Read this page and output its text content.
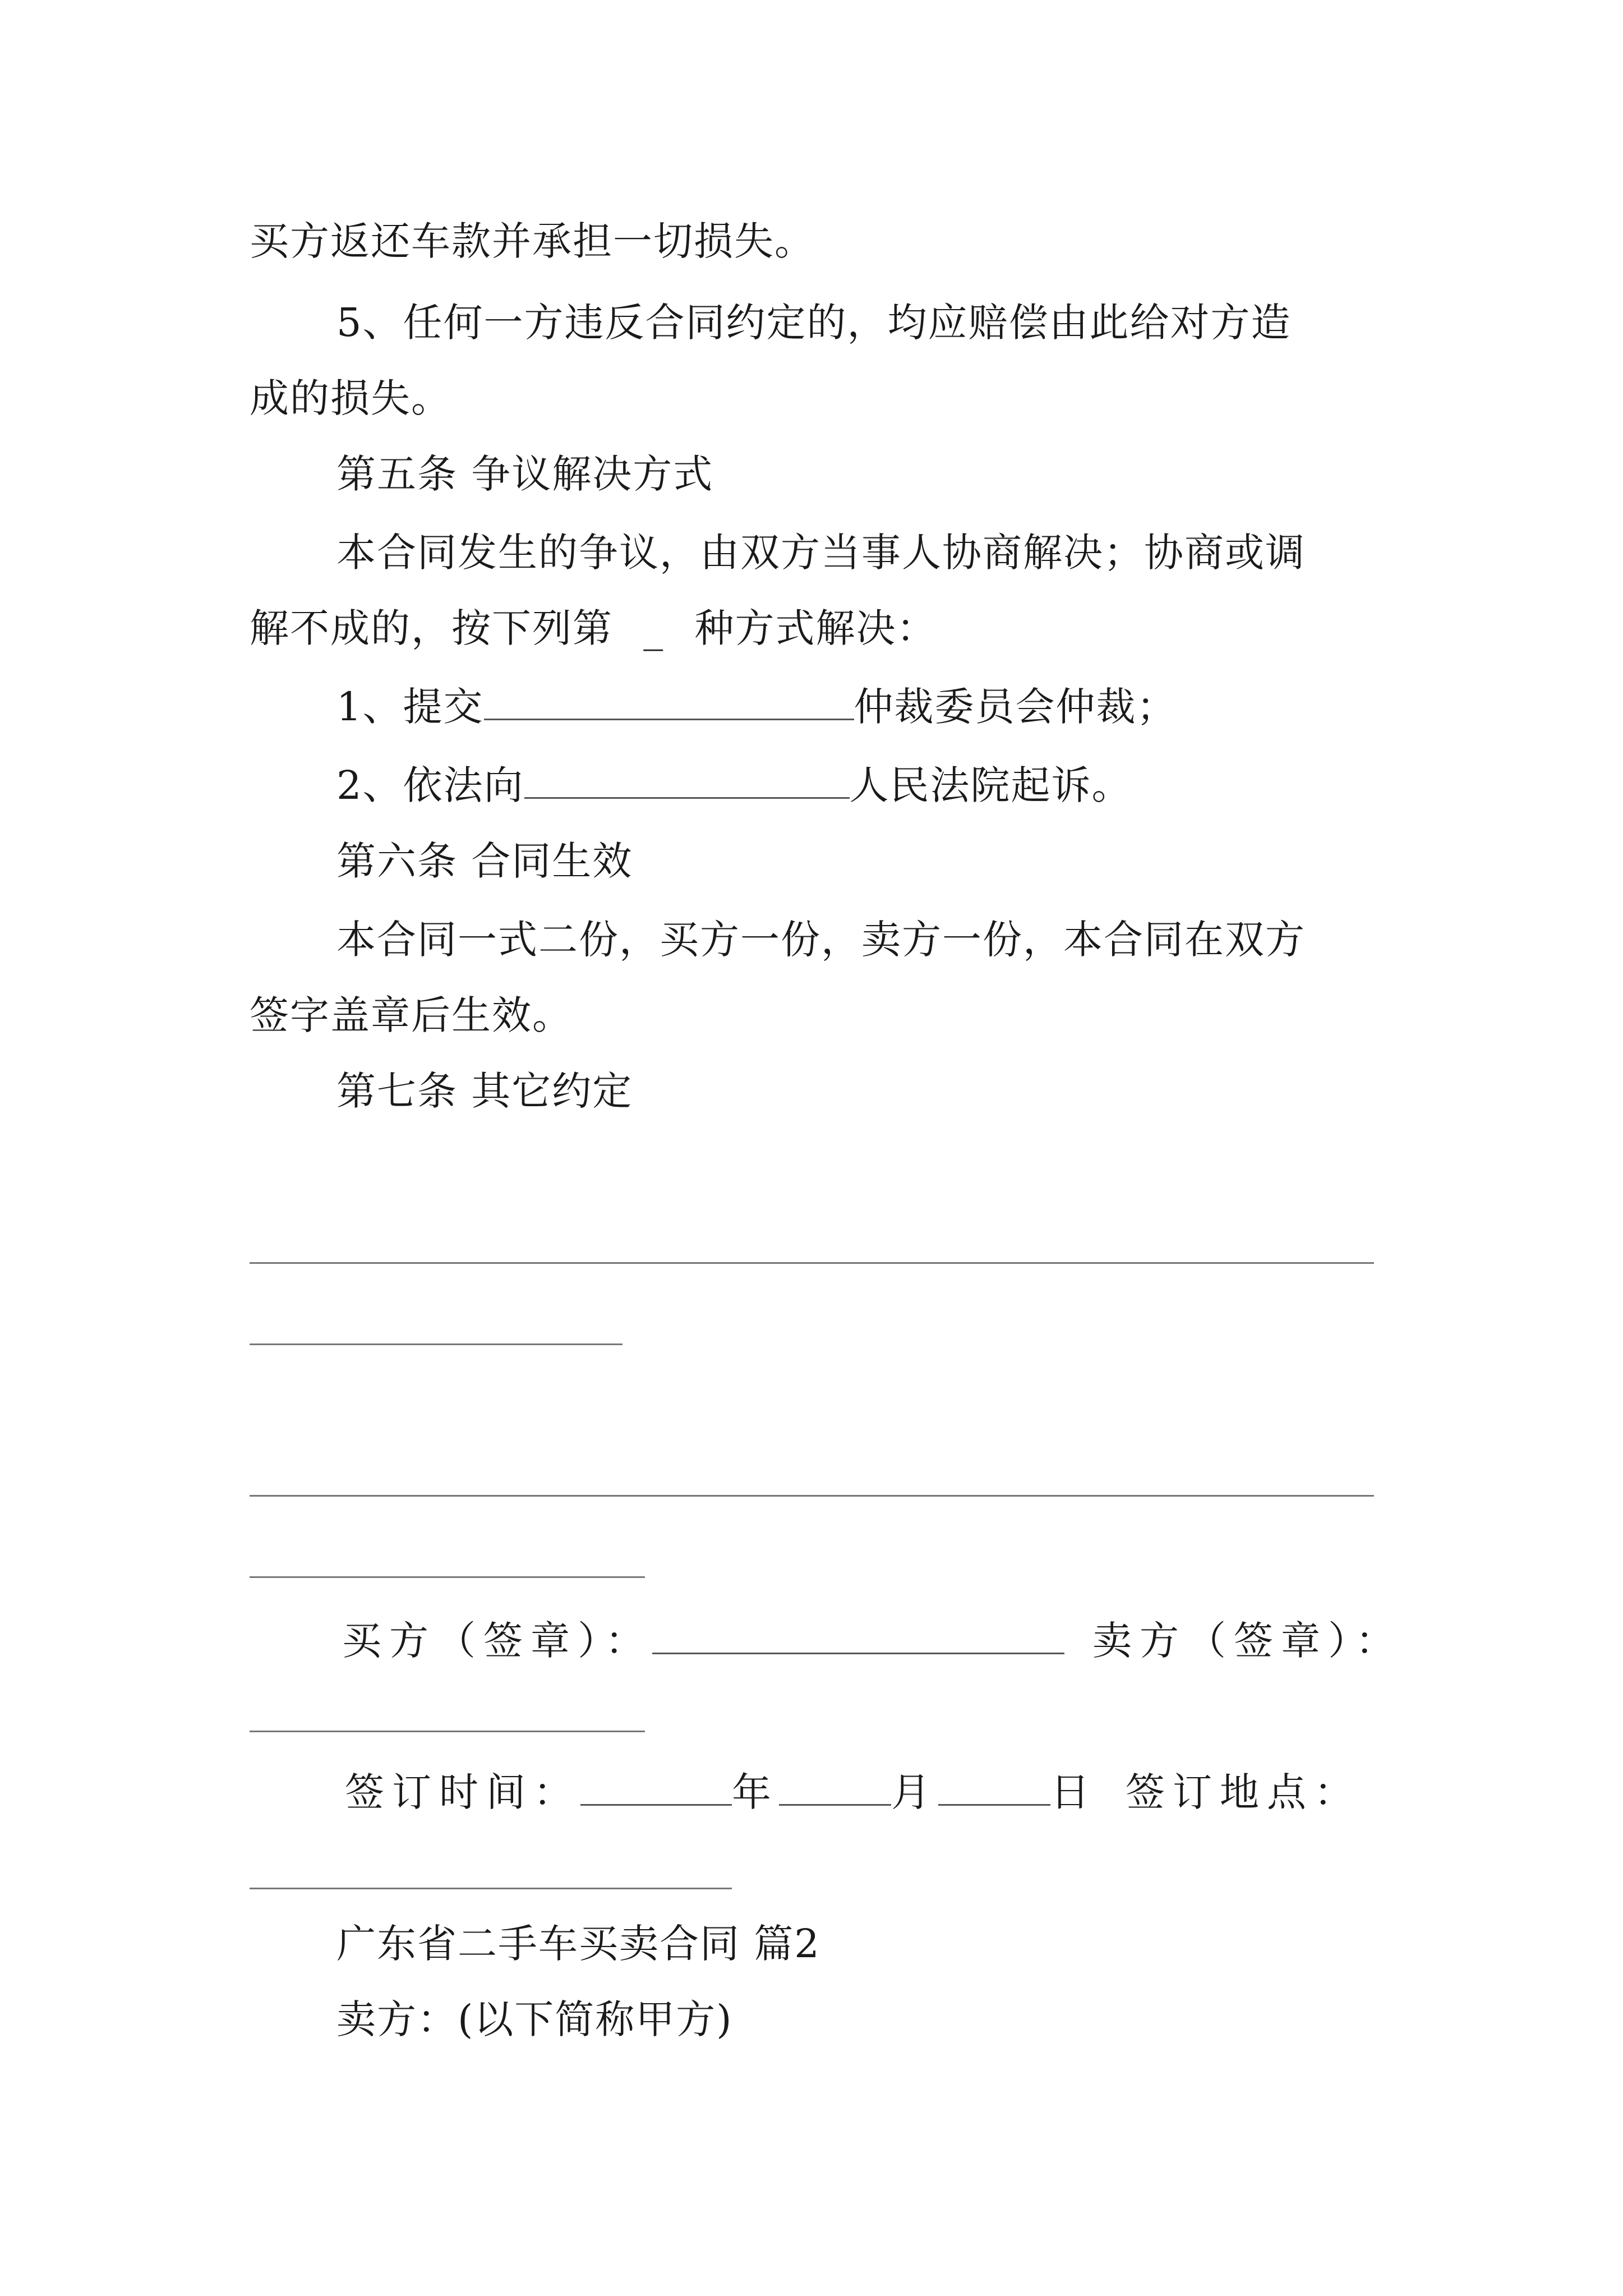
买方返还车款并承担一切损失。
5、任何一方违反合同约定的，均应赔偿由此给对方造
成的损失。
第五条 争议解决方式
本合同发生的争议，由双方当事人协商解决；协商或调
解不成的，按下列第 _ 种方式解决：
1、提交	仲裁委员会仲裁；
2、依法向	人民法院起诉。
第六条 合同生效
本合同一式二份，买方一份，卖方一份，本合同在双方
签字盖章后生效。
第七条 其它约定
买方（签章）：	卖方（签章）：
签订时间：	年	月	日 签订地点：
广东省二手车买卖合同 篇2
卖方：(以下简称甲方)
